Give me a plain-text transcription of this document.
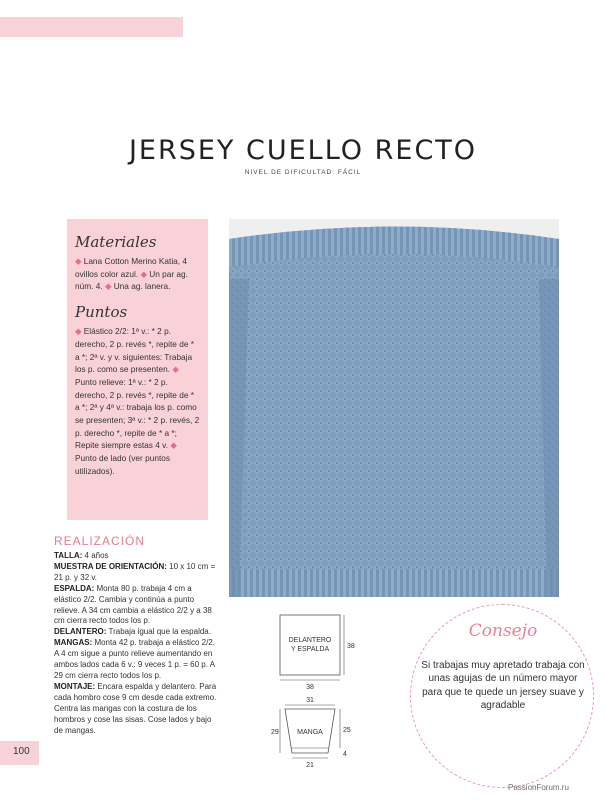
JERSEY CUELLO RECTO
NIVEL DE DIFICULTAD: FÁCIL
Materiales
◆ Lana Cotton Merino Katia, 4 ovillos color azul. ◆ Un par ag. núm. 4. ◆ Una ag. lanera.
Puntos
◆ Elástico 2/2: 1ª v.: * 2 p. derecho, 2 p. revés *, repite de * a *; 2ª v. y v. siguientes: Trabaja los p. como se presenten. ◆ Punto relieve: 1ª v.: * 2 p. derecho, 2 p. revés *, repite de * a *; 2ª y 4ª v.: trabaja los p. como se presenten; 3ª v.: * 2 p. revés, 2 p. derecho *, repite de * a *; Repite siempre estas 4 v. ◆ Punto de lado (ver puntos utilizados).
REALIZACIÓN
TALLA: 4 años
MUESTRA DE ORIENTACIÓN: 10 x 10 cm = 21 p. y 32 v.
ESPALDA: Monta 80 p. trabaja 4 cm a elástico 2/2. Cambia y continúa a punto relieve. A 34 cm cambia a elástico 2/2 y a 38 cm cierra recto todos los p.
DELANTERO: Trabaja igual que la espalda.
MANGAS: Monta 42 p. trabaja a elástico 2/2. A 4 cm sigue a punto relieve aumentando en ambos lados cada 6 v.: 9 veces 1 p. = 60 p. A 29 cm cierra recto todos los p.
MONTAJE: Encara espalda y delantero. Para cada hombro cose 9 cm desde cada extremo. Centra las mangas con la costura de los hombros y cose las sisas. Cose lados y bajo de mangas.
DELANTERO
Y ESPALDA	38
38
31
MANGA
29	25
4
21
Consejo
Si trabajas muy apretado trabaja con unas agujas de un número mayor para que te quede un jersey suave y agradable
100
PassionForum.ru
